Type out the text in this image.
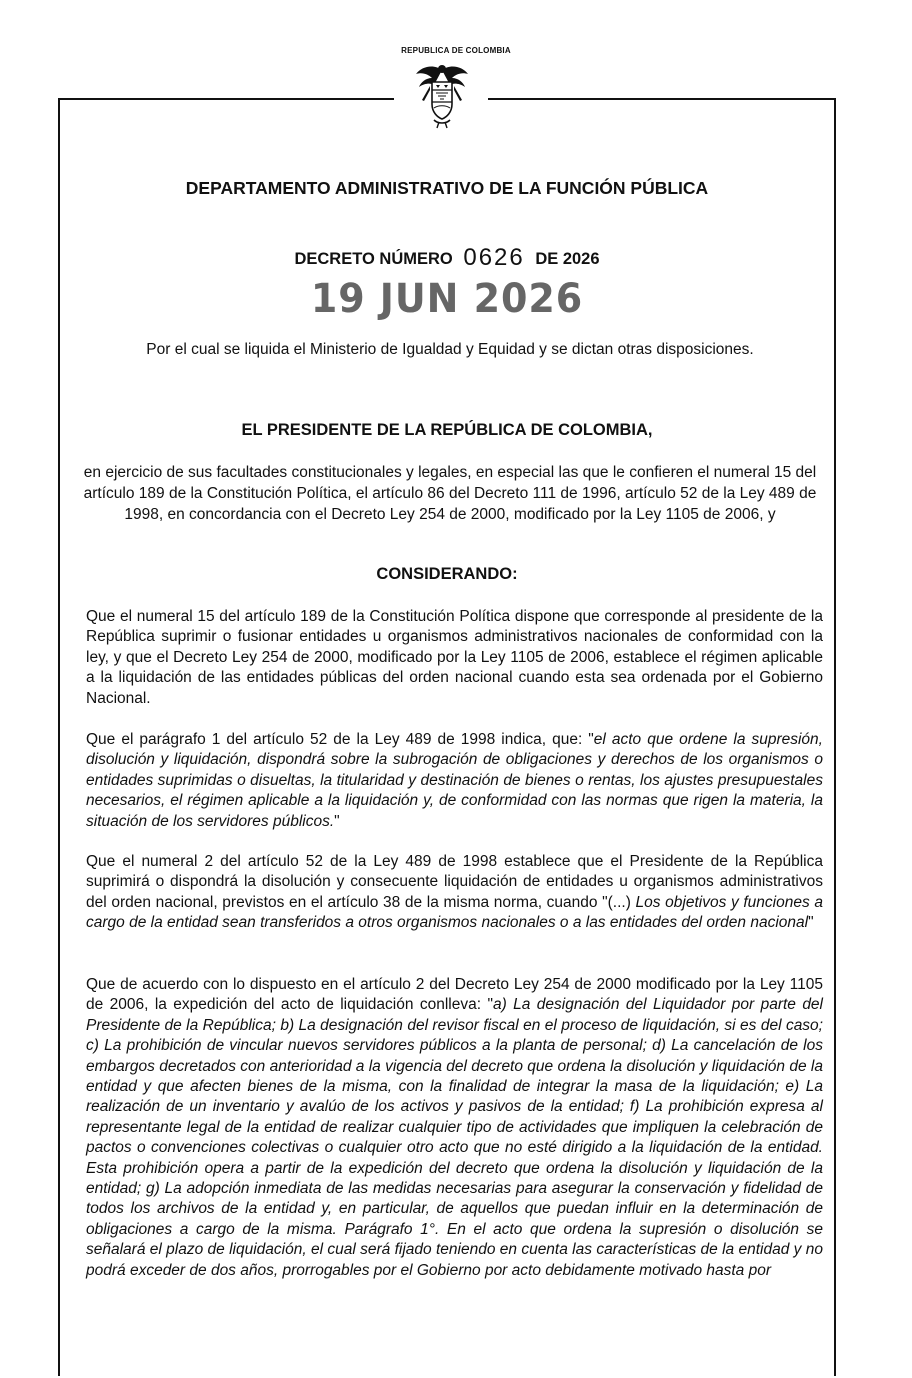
REPUBLICA DE COLOMBIA
DEPARTAMENTO ADMINISTRATIVO DE LA FUNCIÓN PÚBLICA
DECRETO NÚMERO 0626 DE 2026
19 JUN 2026
Por el cual se liquida el Ministerio de Igualdad y Equidad y se dictan otras disposiciones.
EL PRESIDENTE DE LA REPÚBLICA DE COLOMBIA,
en ejercicio de sus facultades constitucionales y legales, en especial las que le confieren el numeral 15 del artículo 189 de la Constitución Política, el artículo 86 del Decreto 111 de 1996, artículo 52 de la Ley 489 de 1998, en concordancia con el Decreto Ley 254 de 2000, modificado por la Ley 1105 de 2006, y
CONSIDERANDO:
Que el numeral 15 del artículo 189 de la Constitución Política dispone que corresponde al presidente de la República suprimir o fusionar entidades u organismos administrativos nacionales de conformidad con la ley, y que el Decreto Ley 254 de 2000, modificado por la Ley 1105 de 2006, establece el régimen aplicable a la liquidación de las entidades públicas del orden nacional cuando esta sea ordenada por el Gobierno Nacional.
Que el parágrafo 1 del artículo 52 de la Ley 489 de 1998 indica, que: "el acto que ordene la supresión, disolución y liquidación, dispondrá sobre la subrogación de obligaciones y derechos de los organismos o entidades suprimidas o disueltas, la titularidad y destinación de bienes o rentas, los ajustes presupuestales necesarios, el régimen aplicable a la liquidación y, de conformidad con las normas que rigen la materia, la situación de los servidores públicos."
Que el numeral 2 del artículo 52 de la Ley 489 de 1998 establece que el Presidente de la República suprimirá o dispondrá la disolución y consecuente liquidación de entidades u organismos administrativos del orden nacional, previstos en el artículo 38 de la misma norma, cuando "(...) Los objetivos y funciones a cargo de la entidad sean transferidos a otros organismos nacionales o a las entidades del orden nacional"
Que de acuerdo con lo dispuesto en el artículo 2 del Decreto Ley 254 de 2000 modificado por la Ley 1105 de 2006, la expedición del acto de liquidación conlleva: "a) La designación del Liquidador por parte del Presidente de la República; b) La designación del revisor fiscal en el proceso de liquidación, si es del caso; c) La prohibición de vincular nuevos servidores públicos a la planta de personal; d) La cancelación de los embargos decretados con anterioridad a la vigencia del decreto que ordena la disolución y liquidación de la entidad y que afecten bienes de la misma, con la finalidad de integrar la masa de la liquidación; e) La realización de un inventario y avalúo de los activos y pasivos de la entidad; f) La prohibición expresa al representante legal de la entidad de realizar cualquier tipo de actividades que impliquen la celebración de pactos o convenciones colectivas o cualquier otro acto que no esté dirigido a la liquidación de la entidad. Esta prohibición opera a partir de la expedición del decreto que ordena la disolución y liquidación de la entidad; g) La adopción inmediata de las medidas necesarias para asegurar la conservación y fidelidad de todos los archivos de la entidad y, en particular, de aquellos que puedan influir en la determinación de obligaciones a cargo de la misma. Parágrafo 1°. En el acto que ordena la supresión o disolución se señalará el plazo de liquidación, el cual será fijado teniendo en cuenta las características de la entidad y no podrá exceder de dos años, prorrogables por el Gobierno por acto debidamente motivado hasta por
